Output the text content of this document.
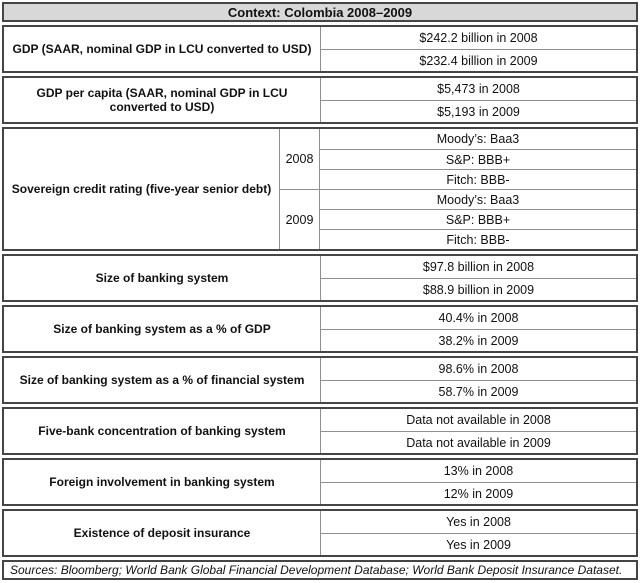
Context: Colombia 2008–2009
GDP (SAAR, nominal GDP in LCU converted to USD)
$242.2 billion in 2008
$232.4 billion in 2009
GDP per capita (SAAR, nominal GDP in LCU converted to USD)
$5,473 in 2008
$5,193 in 2009
Sovereign credit rating (five-year senior debt)
2008
Moody’s: Baa3
S&P: BBB+
Fitch: BBB-
2009
Moody’s: Baa3
S&P: BBB+
Fitch: BBB-
Size of banking system
$97.8 billion in 2008
$88.9 billion in 2009
Size of banking system as a % of GDP
40.4% in 2008
38.2% in 2009
Size of banking system as a % of financial system
98.6% in 2008
58.7% in 2009
Five-bank concentration of banking system
Data not available in 2008
Data not available in 2009
Foreign involvement in banking system
13% in 2008
12% in 2009
Existence of deposit insurance
Yes in 2008
Yes in 2009
Sources: Bloomberg; World Bank Global Financial Development Database; World Bank Deposit Insurance Dataset.
